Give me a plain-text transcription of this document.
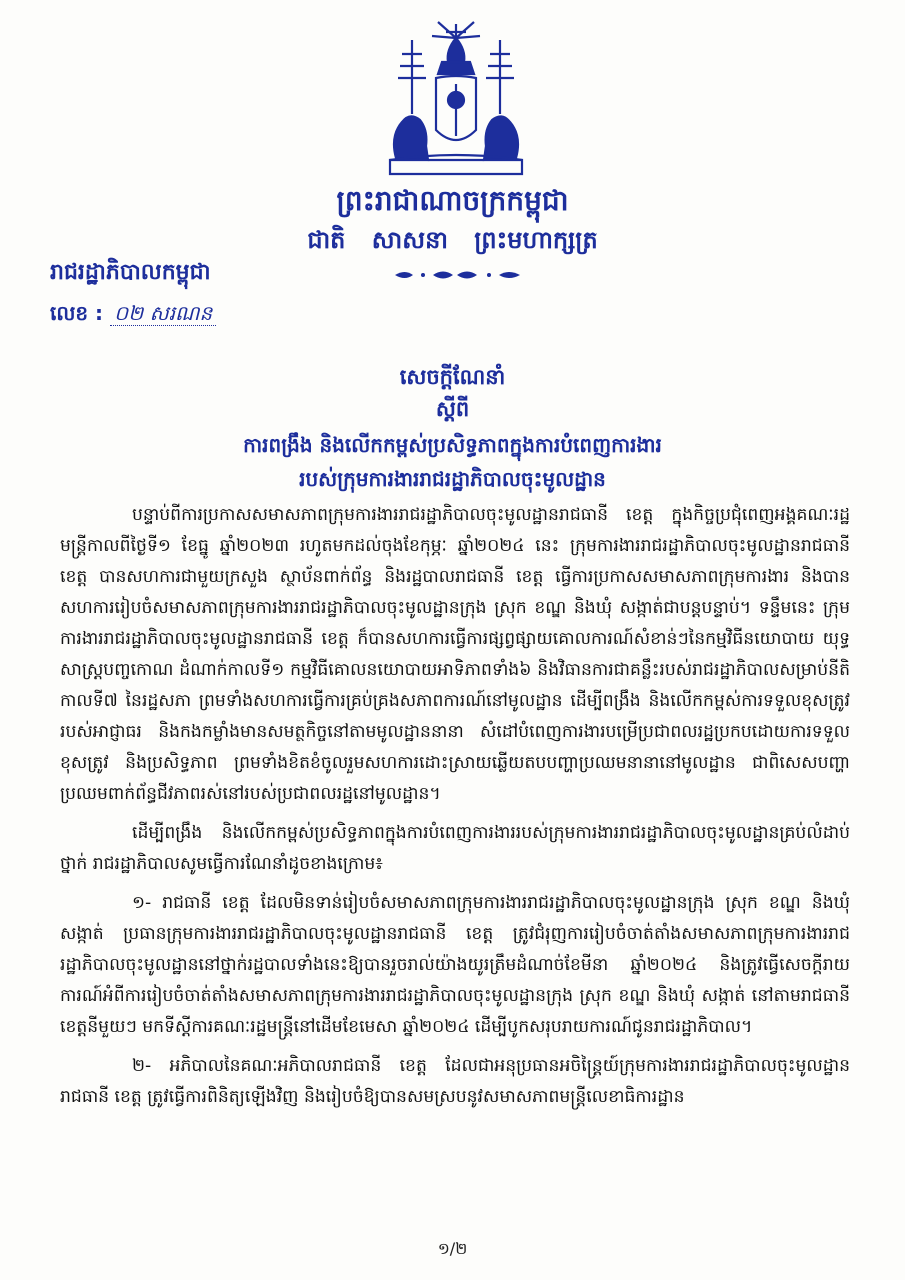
ព្រះរាជាណាចក្រកម្ពុជា
ជាតិ សាសនា ព្រះមហាក្សត្រ
រាជរដ្ឋាភិបាលកម្ពុជា
លេខ : ០២ សរណន
សេចក្តីណែនាំ
ស្តីពី
ការពង្រឹង និងលើកកម្ពស់ប្រសិទ្ធភាពក្នុងការបំពេញការងារ
របស់ក្រុមការងាររាជរដ្ឋាភិបាលចុះមូលដ្ឋាន

បន្ទាប់ពីការប្រកាសសមាសភាពក្រុមការងាររាជរដ្ឋាភិបាលចុះមូលដ្ឋានរាជធានី ខេត្ត ក្នុងកិច្ចប្រជុំពេញអង្គគណៈរដ្ឋមន្ត្រីកាលពីថ្ងៃទី១ ខែធ្នូ ឆ្នាំ២០២៣ រហូតមកដល់ចុងខែកុម្ភៈ ឆ្នាំ២០២៤ នេះ ក្រុមការងាររាជរដ្ឋាភិបាលចុះមូលដ្ឋានរាជធានី ខេត្ត បានសហការជាមួយក្រសួង ស្ថាប័នពាក់ព័ន្ធ និងរដ្ឋបាលរាជធានី ខេត្ត ធ្វើការប្រកាសសមាសភាពក្រុមការងារ និងបានសហការរៀបចំសមាសភាពក្រុមការងាររាជរដ្ឋាភិបាលចុះមូលដ្ឋានក្រុង ស្រុក ខណ្ឌ និងឃុំ សង្កាត់ជាបន្តបន្ទាប់។ ទន្ទឹមនេះ ក្រុមការងាររាជរដ្ឋាភិបាលចុះមូលដ្ឋានរាជធានី ខេត្ត ក៏បានសហការធ្វើការផ្សព្វផ្សាយគោលការណ៍សំខាន់ៗនៃកម្មវិធីនយោបាយ យុទ្ធសាស្ត្របញ្ចកោណ ដំណាក់កាលទី១ កម្មវិធីគោលនយោបាយអាទិភាពទាំង៦ និងវិធានការជាគន្លឹះរបស់រាជរដ្ឋាភិបាលសម្រាប់នីតិកាលទី៧ នៃរដ្ឋសភា ព្រមទាំងសហការធ្វើការគ្រប់គ្រងសភាពការណ៍នៅមូលដ្ឋាន ដើម្បីពង្រឹង និងលើកកម្ពស់ការទទួលខុសត្រូវរបស់អាជ្ញាធរ និងកងកម្លាំងមានសមត្ថកិច្ចនៅតាមមូលដ្ឋាននានា សំដៅបំពេញការងារបម្រើប្រជាពលរដ្ឋប្រកបដោយការទទួលខុសត្រូវ និងប្រសិទ្ធភាព ព្រមទាំងខិតខំចូលរួមសហការដោះស្រាយឆ្លើយតបបញ្ហាប្រឈមនានានៅមូលដ្ឋាន ជាពិសេសបញ្ហាប្រឈមពាក់ព័ន្ធជីវភាពរស់នៅរបស់ប្រជាពលរដ្ឋនៅមូលដ្ឋាន។

ដើម្បីពង្រឹង និងលើកកម្ពស់ប្រសិទ្ធភាពក្នុងការបំពេញការងាររបស់ក្រុមការងាររាជរដ្ឋាភិបាលចុះមូលដ្ឋានគ្រប់លំដាប់ថ្នាក់ រាជរដ្ឋាភិបាលសូមធ្វើការណែនាំដូចខាងក្រោម៖

១- រាជធានី ខេត្ត ដែលមិនទាន់រៀបចំសមាសភាពក្រុមការងាររាជរដ្ឋាភិបាលចុះមូលដ្ឋានក្រុង ស្រុក ខណ្ឌ និងឃុំ សង្កាត់ ប្រធានក្រុមការងាររាជរដ្ឋាភិបាលចុះមូលដ្ឋានរាជធានី ខេត្ត ត្រូវជំរុញការរៀបចំចាត់តាំងសមាសភាពក្រុមការងាររាជរដ្ឋាភិបាលចុះមូលដ្ឋាននៅថ្នាក់រដ្ឋបាលទាំងនេះឱ្យបានរួចរាល់យ៉ាងយូរត្រឹមដំណាច់ខែមីនា ឆ្នាំ២០២៤ និងត្រូវធ្វើសេចក្តីរាយការណ៍អំពីការរៀបចំចាត់តាំងសមាសភាពក្រុមការងាររាជរដ្ឋាភិបាលចុះមូលដ្ឋានក្រុង ស្រុក ខណ្ឌ និងឃុំ សង្កាត់ នៅតាមរាជធានី ខេត្តនីមួយៗ មកទីស្តីការគណៈរដ្ឋមន្ត្រីនៅដើមខែមេសា ឆ្នាំ២០២៤ ដើម្បីបូកសរុបរាយការណ៍ជូនរាជរដ្ឋាភិបាល។

២- អភិបាលនៃគណៈអភិបាលរាជធានី ខេត្ត ដែលជាអនុប្រធានអចិន្ត្រៃយ៍ក្រុមការងាររាជរដ្ឋាភិបាលចុះមូលដ្ឋានរាជធានី ខេត្ត ត្រូវធ្វើការពិនិត្យឡើងវិញ និងរៀបចំឱ្យបានសមស្របនូវសមាសភាពមន្ត្រីលេខាធិការដ្ឋាន

១/២
